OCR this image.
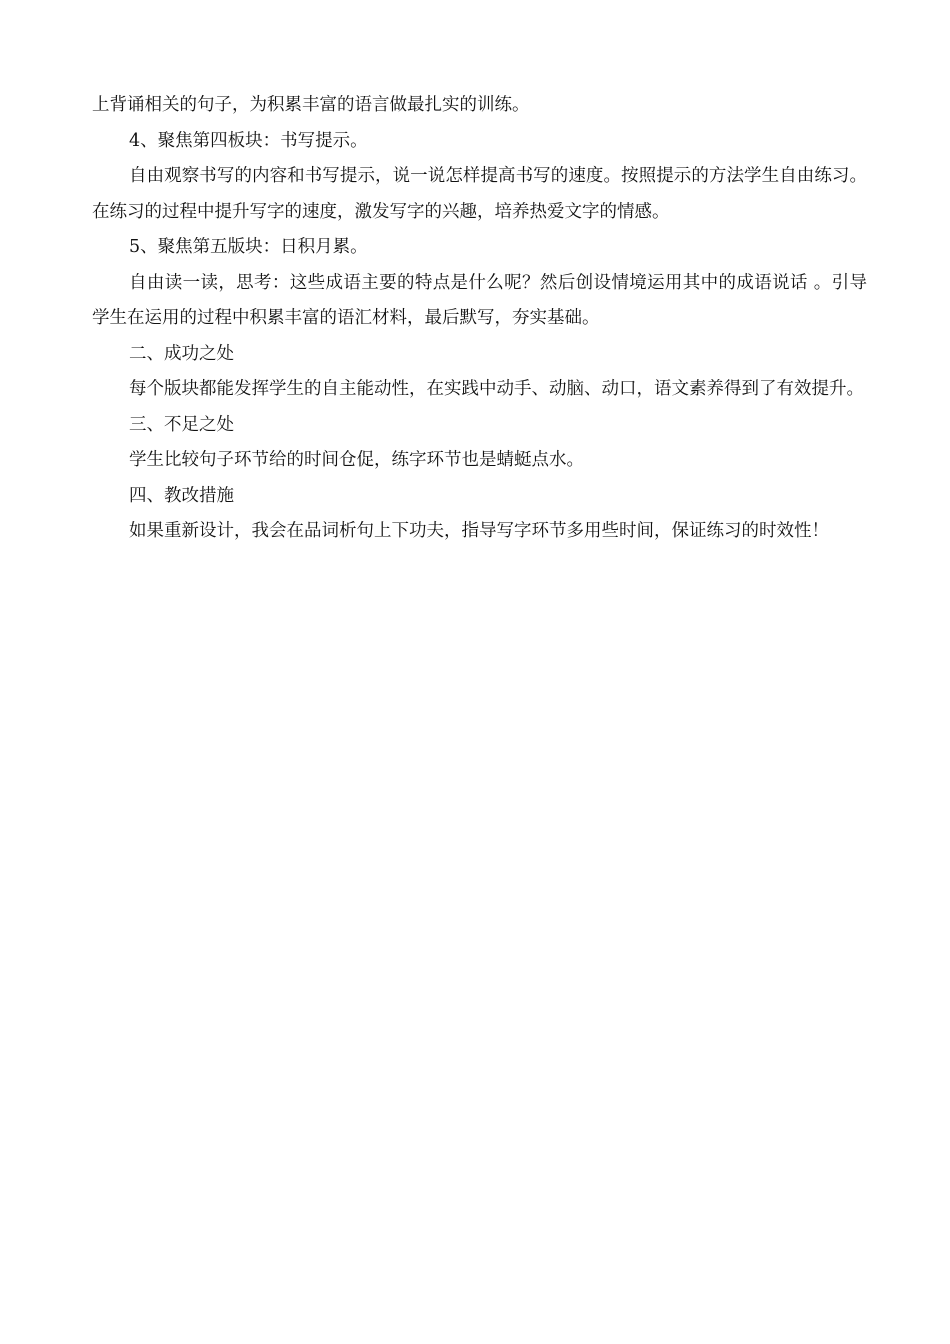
上背诵相关的句子，为积累丰富的语言做最扎实的训练。

4、聚焦第四板块：书写提示。

自由观察书写的内容和书写提示，说一说怎样提高书写的速度。按照提示的方法学生自由练习。在练习的过程中提升写字的速度，激发写字的兴趣，培养热爱文字的情感。

5、聚焦第五版块：日积月累。

自由读一读，思考：这些成语主要的特点是什么呢？然后创设情境运用其中的成语说话 。引导学生在运用的过程中积累丰富的语汇材料，最后默写，夯实基础。

二、成功之处

每个版块都能发挥学生的自主能动性，在实践中动手、动脑、动口，语文素养得到了有效提升。

三、不足之处

学生比较句子环节给的时间仓促，练字环节也是蜻蜓点水。

四、教改措施

如果重新设计，我会在品词析句上下功夫，指导写字环节多用些时间，保证练习的时效性！
